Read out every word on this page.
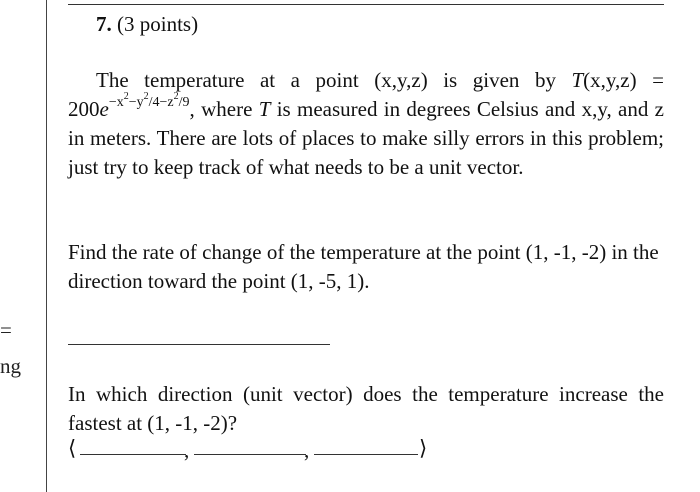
=
ng
7. (3 points)

The temperature at a point (x,y,z) is given by $T(x,y,z) = 200e^{-x^2-y^2/4-z^2/9}$, where T is measured in degrees Celsius and x,y, and z in meters. There are lots of places to make silly errors in this problem; just try to keep track of what needs to be a unit vector.

Find the rate of change of the temperature at the point (1, -1, -2) in the direction toward the point (1, -5, 1).

In which direction (unit vector) does the temperature increase the fastest at (1, -1, -2)?

⟨	,	,	⟩
